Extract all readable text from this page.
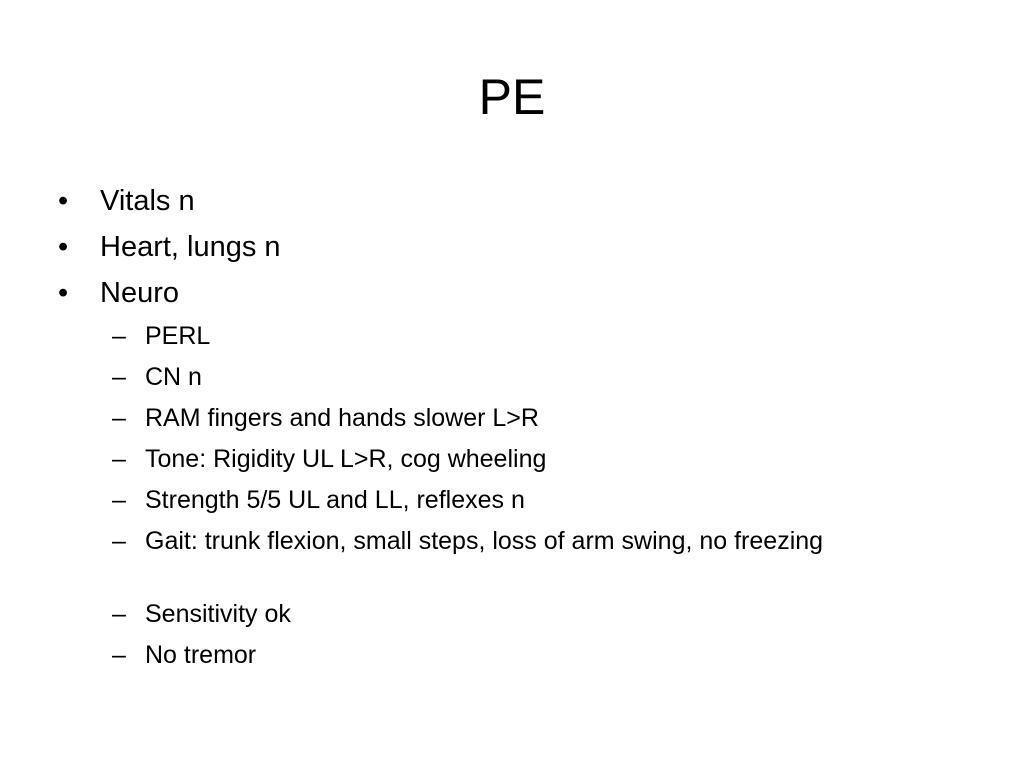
PE
•	Vitals n
•	Heart, lungs n
•	Neuro
– PERL
– CN n
– RAM fingers and hands slower L>R
– Tone: Rigidity UL L>R, cog wheeling
– Strength 5/5 UL and LL, reflexes n
– Gait: trunk flexion, small steps, loss of arm swing, no freezing
– Sensitivity ok
– No tremor
